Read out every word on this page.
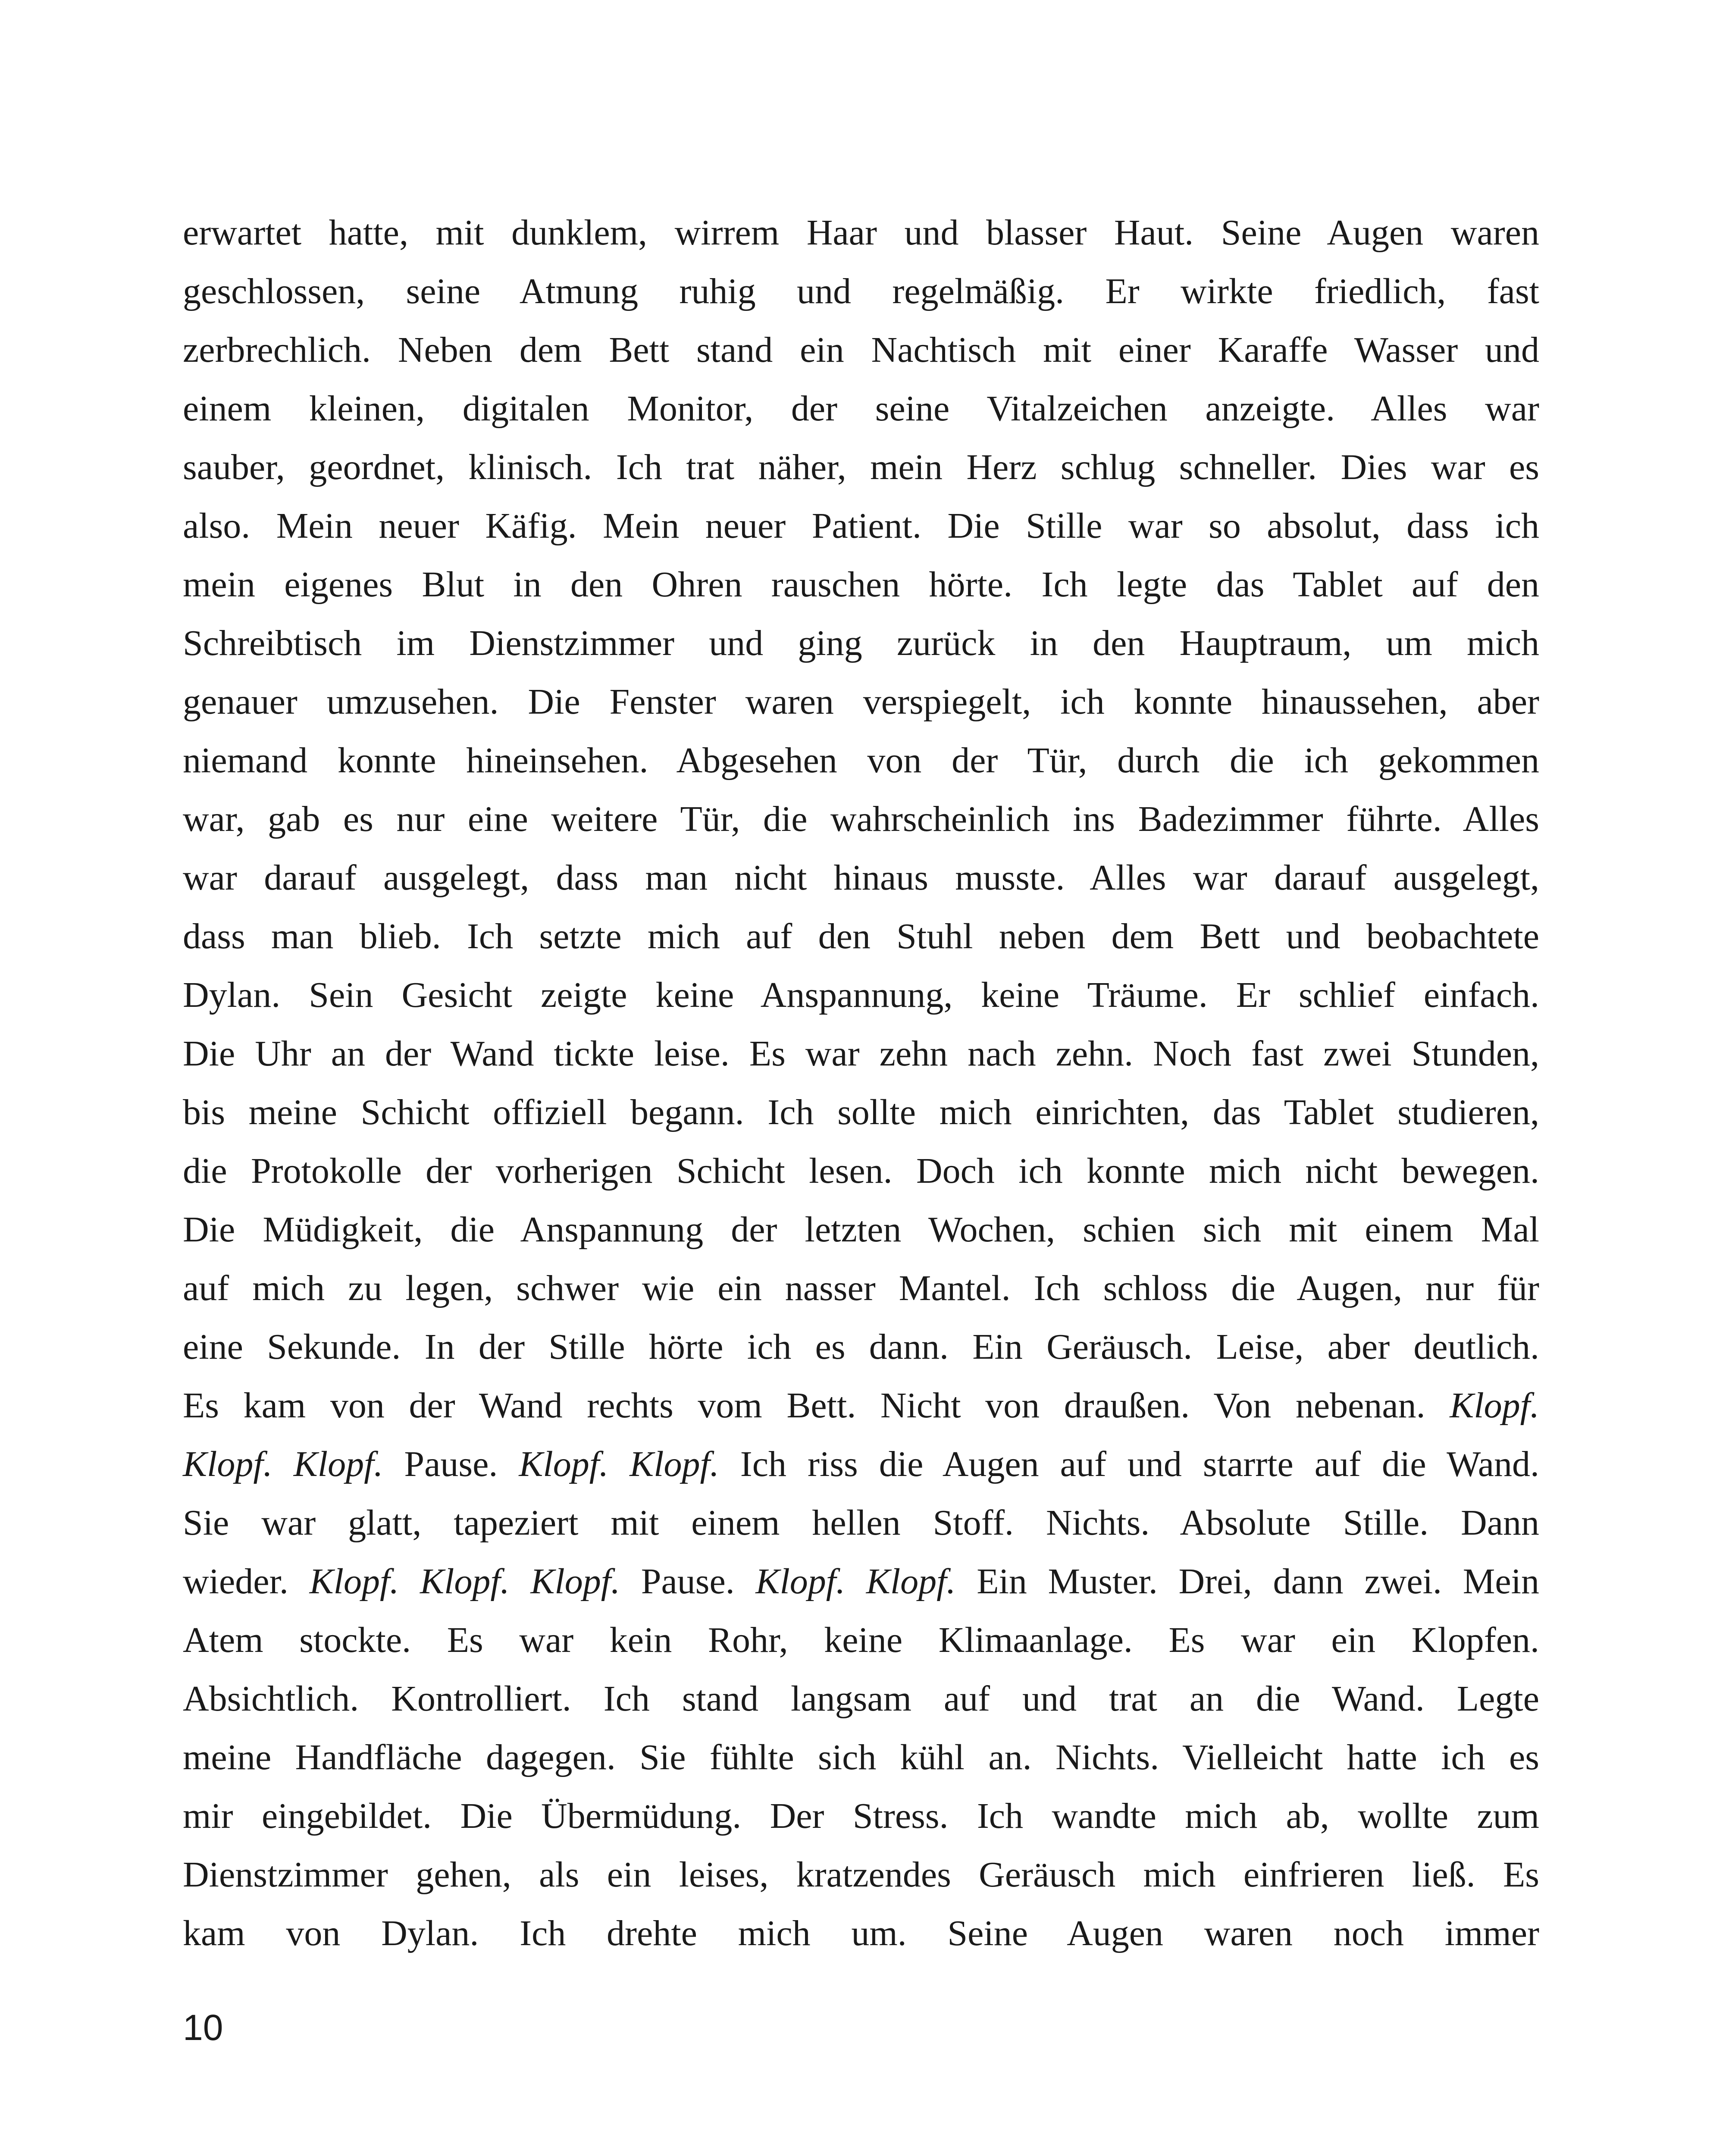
erwartet hatte, mit dunklem, wirrem Haar und blasser Haut. Seine Augen waren
geschlossen, seine Atmung ruhig und regelmäßig. Er wirkte friedlich, fast
zerbrechlich. Neben dem Bett stand ein Nachtisch mit einer Karaffe Wasser und
einem kleinen, digitalen Monitor, der seine Vitalzeichen anzeigte. Alles war
sauber, geordnet, klinisch. Ich trat näher, mein Herz schlug schneller. Dies war es
also. Mein neuer Käfig. Mein neuer Patient. Die Stille war so absolut, dass ich
mein eigenes Blut in den Ohren rauschen hörte. Ich legte das Tablet auf den
Schreibtisch im Dienstzimmer und ging zurück in den Hauptraum, um mich
genauer umzusehen. Die Fenster waren verspiegelt, ich konnte hinaussehen, aber
niemand konnte hineinsehen. Abgesehen von der Tür, durch die ich gekommen
war, gab es nur eine weitere Tür, die wahrscheinlich ins Badezimmer führte. Alles
war darauf ausgelegt, dass man nicht hinaus musste. Alles war darauf ausgelegt,
dass man blieb. Ich setzte mich auf den Stuhl neben dem Bett und beobachtete
Dylan. Sein Gesicht zeigte keine Anspannung, keine Träume. Er schlief einfach.
Die Uhr an der Wand tickte leise. Es war zehn nach zehn. Noch fast zwei Stunden,
bis meine Schicht offiziell begann. Ich sollte mich einrichten, das Tablet studieren,
die Protokolle der vorherigen Schicht lesen. Doch ich konnte mich nicht bewegen.
Die Müdigkeit, die Anspannung der letzten Wochen, schien sich mit einem Mal
auf mich zu legen, schwer wie ein nasser Mantel. Ich schloss die Augen, nur für
eine Sekunde. In der Stille hörte ich es dann. Ein Geräusch. Leise, aber deutlich.
Es kam von der Wand rechts vom Bett. Nicht von draußen. Von nebenan. Klopf.
Klopf. Klopf. Pause. Klopf. Klopf. Ich riss die Augen auf und starrte auf die Wand.
Sie war glatt, tapeziert mit einem hellen Stoff. Nichts. Absolute Stille. Dann
wieder. Klopf. Klopf. Klopf. Pause. Klopf. Klopf. Ein Muster. Drei, dann zwei. Mein
Atem stockte. Es war kein Rohr, keine Klimaanlage. Es war ein Klopfen.
Absichtlich. Kontrolliert. Ich stand langsam auf und trat an die Wand. Legte
meine Handfläche dagegen. Sie fühlte sich kühl an. Nichts. Vielleicht hatte ich es
mir eingebildet. Die Übermüdung. Der Stress. Ich wandte mich ab, wollte zum
Dienstzimmer gehen, als ein leises, kratzendes Geräusch mich einfrieren ließ. Es
kam von Dylan. Ich drehte mich um. Seine Augen waren noch immer
10
